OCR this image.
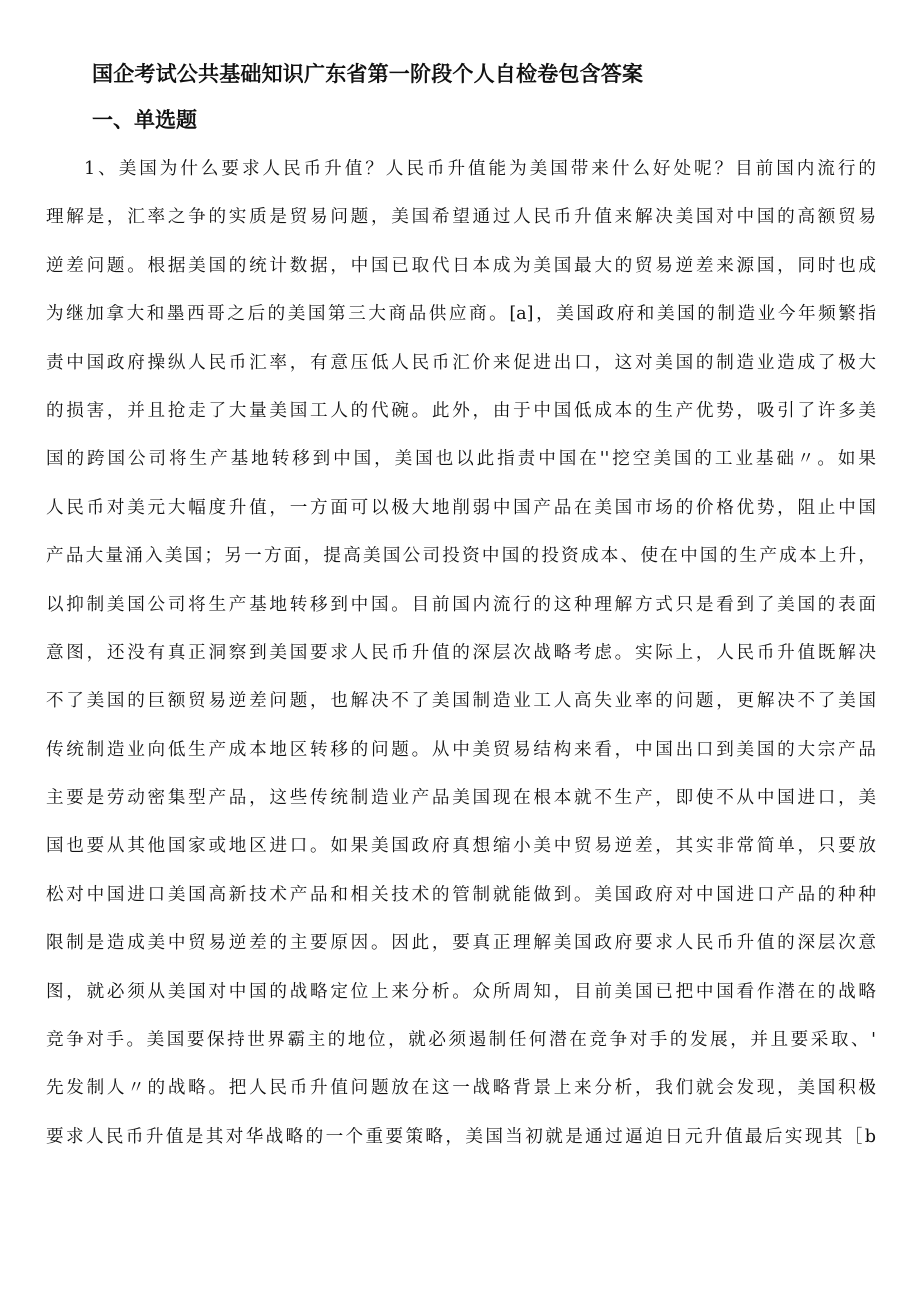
国企考试公共基础知识广东省第一阶段个人自检卷包含答案
一、单选题
1、美国为什么要求人民币升值？人民币升值能为美国带来什么好处呢？目前国内流行的
理解是，汇率之争的实质是贸易问题，美国希望通过人民币升值来解决美国对中国的高额贸易
逆差问题。根据美国的统计数据，中国已取代日本成为美国最大的贸易逆差来源国，同时也成
为继加拿大和墨西哥之后的美国第三大商品供应商。[a]，美国政府和美国的制造业今年频繁指
责中国政府操纵人民币汇率，有意压低人民币汇价来促进出口，这对美国的制造业造成了极大
的损害，并且抢走了大量美国工人的代碗。此外，由于中国低成本的生产优势，吸引了许多美
国的跨国公司将生产基地转移到中国，美国也以此指责中国在''挖空美国的工业基础〃。如果
人民币对美元大幅度升值，一方面可以极大地削弱中国产品在美国市场的价格优势，阻止中国
产品大量涌入美国；另一方面，提高美国公司投资中国的投资成本、使在中国的生产成本上升，
以抑制美国公司将生产基地转移到中国。目前国内流行的这种理解方式只是看到了美国的表面
意图，还没有真正洞察到美国要求人民币升值的深层次战略考虑。实际上，人民币升值既解决
不了美国的巨额贸易逆差问题，也解决不了美国制造业工人高失业率的问题，更解决不了美国
传统制造业向低生产成本地区转移的问题。从中美贸易结构来看，中国出口到美国的大宗产品
主要是劳动密集型产品，这些传统制造业产品美国现在根本就不生产，即使不从中国进口，美
国也要从其他国家或地区进口。如果美国政府真想缩小美中贸易逆差，其实非常简单，只要放
松对中国进口美国高新技术产品和相关技术的管制就能做到。美国政府对中国进口产品的种种
限制是造成美中贸易逆差的主要原因。因此，要真正理解美国政府要求人民币升值的深层次意
图，就必须从美国对中国的战略定位上来分析。众所周知，目前美国已把中国看作潜在的战略
竞争对手。美国要保持世界霸主的地位，就必须遏制任何潜在竞争对手的发展，并且要采取、'
先发制人〃的战略。把人民币升值问题放在这一战略背景上来分析，我们就会发现，美国积极
要求人民币升值是其对华战略的一个重要策略，美国当初就是通过逼迫日元升值最后实现其［b
